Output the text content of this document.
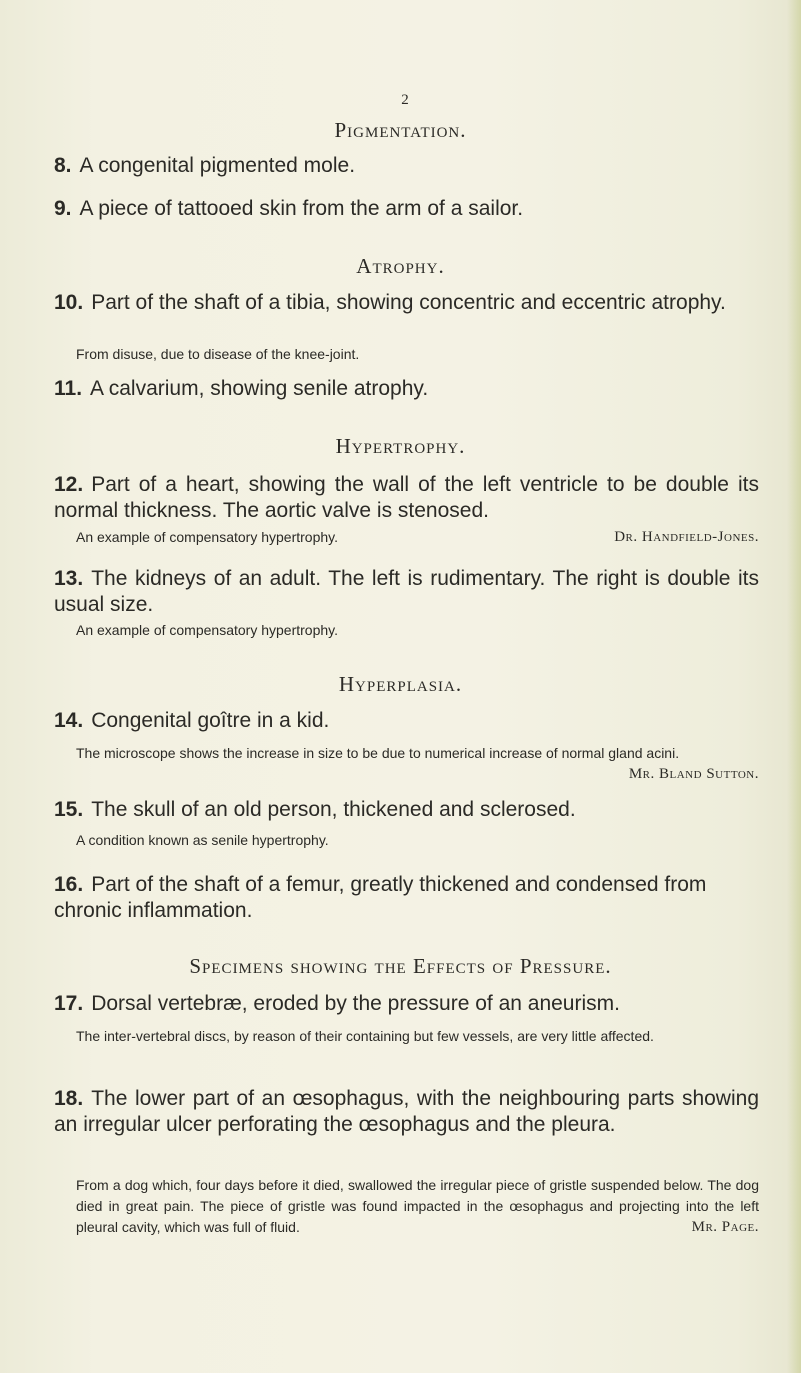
2
Pigmentation.
8. A congenital pigmented mole.
9. A piece of tattooed skin from the arm of a sailor.
Atrophy.
10. Part of the shaft of a tibia, showing concentric and eccentric atrophy.
From disuse, due to disease of the knee-joint.
11. A calvarium, showing senile atrophy.
Hypertrophy.
12. Part of a heart, showing the wall of the left ventricle to be double its normal thickness. The aortic valve is stenosed.
Dr. Handfield-Jones.
An example of compensatory hypertrophy.
13. The kidneys of an adult. The left is rudimentary. The right is double its usual size.
An example of compensatory hypertrophy.
Hyperplasia.
14. Congenital goître in a kid.
The microscope shows the increase in size to be due to numerical increase of normal gland acini.
Mr. Bland Sutton.
15. The skull of an old person, thickened and sclerosed.
A condition known as senile hypertrophy.
16. Part of the shaft of a femur, greatly thickened and condensed from chronic inflammation.
Specimens showing the Effects of Pressure.
17. Dorsal vertebræ, eroded by the pressure of an aneurism.
The inter-vertebral discs, by reason of their containing but few vessels, are very little affected.
18. The lower part of an œsophagus, with the neighbouring parts showing an irregular ulcer perforating the œsophagus and the pleura.
From a dog which, four days before it died, swallowed the irregular piece of gristle suspended below. The dog died in great pain. The piece of gristle was found impacted in the œsophagus and projecting into the left pleural cavity, which was full of fluid.	Mr. Page.
